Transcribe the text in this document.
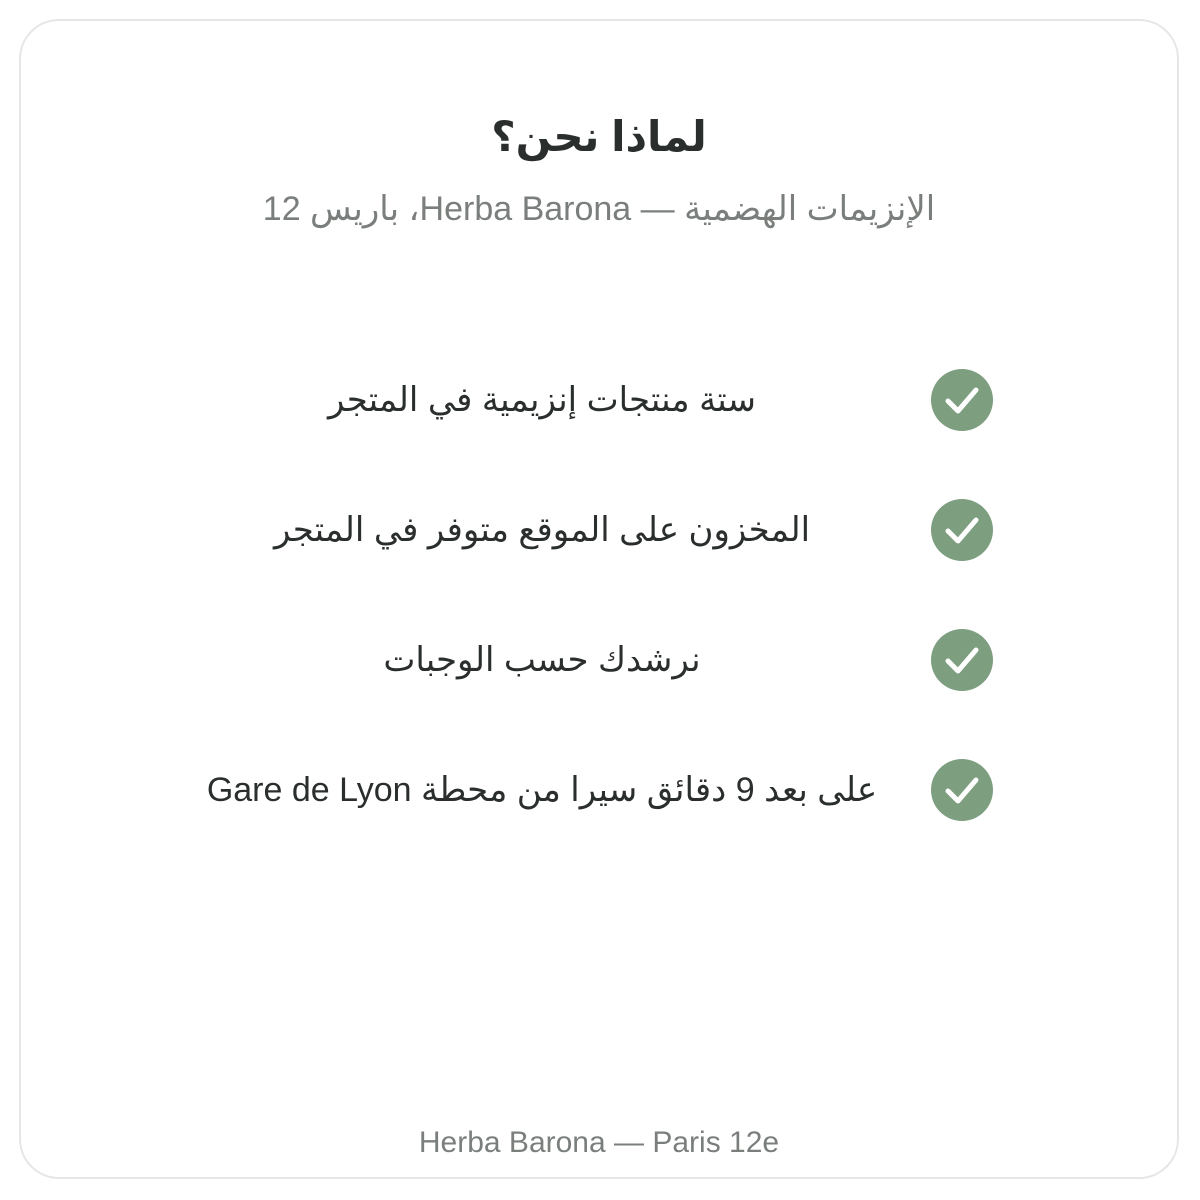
لماذا نحن؟

الإنزيمات الهضمية — Herba Barona، باريس 12

ستة منتجات إنزيمية في المتجر
المخزون على الموقع متوفر في المتجر
نرشدك حسب الوجبات
على بعد 9 دقائق سيرا من محطة Gare de Lyon
Herba Barona — Paris 12e
